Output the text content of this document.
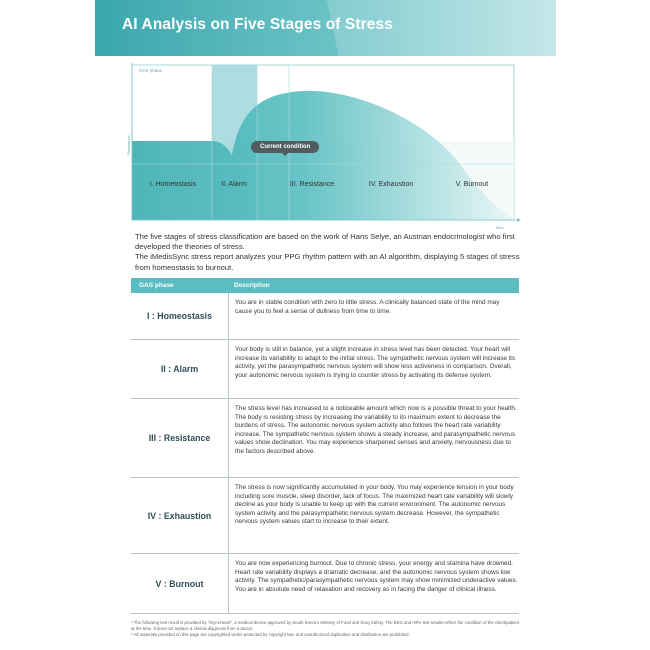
AI Analysis on Five Stages of Stress
GAS phase
Resistance
Time
I. Homeostasis	II. Alarm	III. Resistance	IV. Exhaustion	V. Burnout
Current condition

The five stages of stress classification are based on the work of Hans Selye, an Austrian endocrinologist who first developed the theories of stress.

The iMedisSync stress report analyzes your PPG rhythm pattern with an AI algorithm, displaying 5 stages of stress from homeostasis to burnout.

GAS phase	Description
I : Homeostasis
You are in stable condition with zero to little stress. A clinically balanced state of the mind may cause you to feel a sense of dullness from time to time.
II : Alarm
Your body is still in balance, yet a slight increase in stress level has been detected. Your heart will increase its variability to adapt to the initial stress. The sympathetic nervous system will increase its activity, yet the parasympathetic nervous system will show less activeness in comparison. Overall, your autonomic nervous system is trying to counter stress by activating its defense system.
III : Resistance
The stress level has increased to a noticeable amount which now is a possible threat to your health. The body is resisting stress by increasing the variability to its maximum extent to decrease the burdens of stress. The autonomic nervous system activity also follows the heart rate variability increase. The sympathetic nervous system shows a steady increase, and parasympathetic nervous values show declination. You may experience sharpened senses and anxiety, nervousness due to the factors described above.
IV : Exhaustion
The stress is now significantly accumulated in your body. You may experience tension in your body including sore muscle, sleep disorder, lack of focus. The maximized heart rate variability will slowly decline as your body is unable to keep up with the current environment. The autonomic nervous system activity and the parasympathetic nervous system decrease. However, the sympathetic nervous system values start to increase to their extent.
V : Burnout
You are now experiencing burnout. Due to chronic stress, your energy and stamina have drowned. Heart rate variability displays a dramatic decrease, and the autonomic nervous system shows low activity. The sympathetic/parasympathetic nervous system may show minimized underactive values. You are in absolute need of relaxation and recovery as in facing the danger of clinical illness.

* The following test result is provided by "iSyncHeart", a medical device approved by South Korea's Ministry of Food and Drug Safety. The EEG and HRV test results reflect the condition of the client/patient at the time. It does not replace a clinical diagnosis from a doctor.

* All materials provided on this page are copyrighted works protected by copyright law, and unauthorized duplication and distribution are prohibited.
